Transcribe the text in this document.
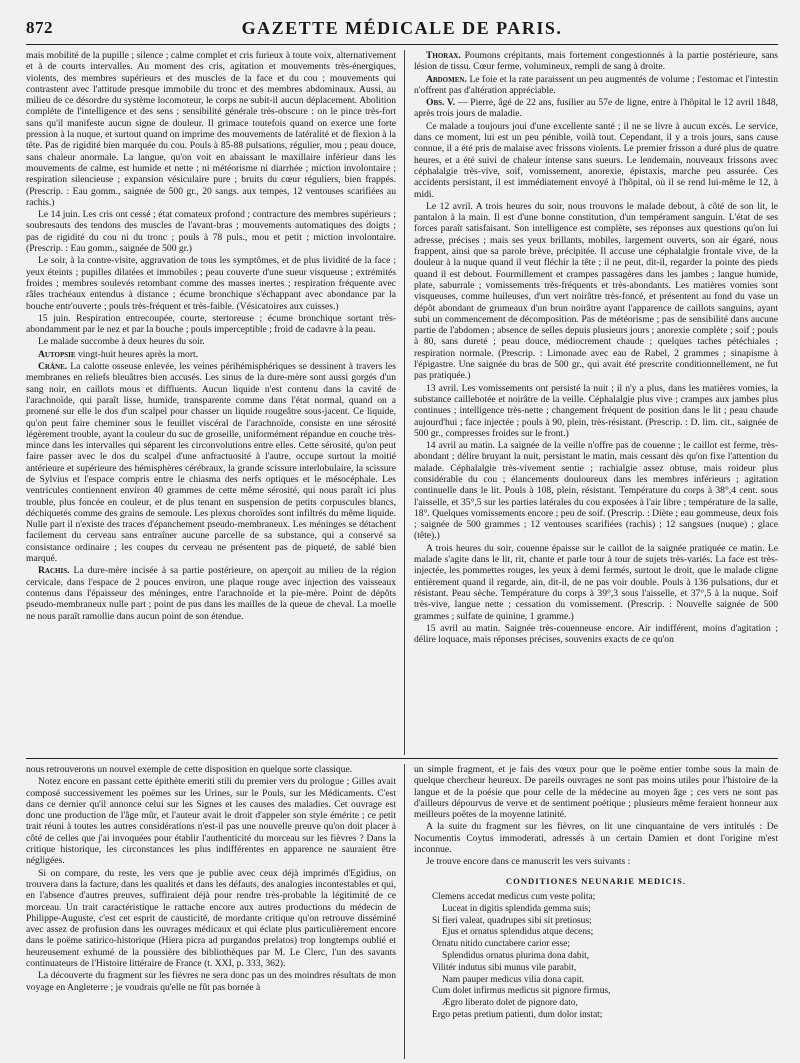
872	GAZETTE MÉDICALE DE PARIS.

mais mobilité de la pupille ; silence ; calme complet et cris furieux à toute voix, alternativement et à de courts intervalles. Au moment des cris, agitation et mouvements très-énergiques, violents, des membres supérieurs et des muscles de la face et du cou ; mouvements qui contrastent avec l'attitude presque immobile du tronc et des membres abdominaux. Aussi, au milieu de ce désordre du système locomoteur, le corps ne subit-il aucun déplacement. Abolition complète de l'intelligence et des sens ; sensibilité générale très-obscure : on le pince très-fort sans qu'il manifeste aucun signe de douleur. Il grimace toutefois quand on exerce une forte pression à la nuque, et surtout quand on imprime des mouvements de latéralité et de flexion à la tête. Pas de rigidité bien marquée du cou. Pouls à 85-88 pulsations, régulier, mou ; peau douce, sans chaleur anormale. La langue, qu'on voit en abaissant le maxillaire inférieur dans les mouvements de calme, est humide et nette ; ni météorisme ni diarrhée ; miction involontaire ; respiration silencieuse ; expansion vésiculaire pure ; bruits du cœur réguliers, bien frappés. (Prescrip. : Eau gomm., saignée de 500 gr., 20 sangs. aux tempes, 12 ventouses scarifiées au rachis.)

Le 14 juin. Les cris ont cessé ; état comateux profond ; contracture des membres supérieurs ; soubresauts des tendons des muscles de l'avant-bras ; mouvements automatiques des doigts ; pas de rigidité du cou ni du tronc ; pouls à 78 puls., mou et petit ; miction involontaire. (Prescrip. : Eau gomm., saignée de 500 gr.)

Le soir, à la contre-visite, aggravation de tous les symptômes, et de plus lividité de la face ; yeux éteints ; pupilles dilatées et immobiles ; peau couverte d'une sueur visqueuse ; extrémités froides ; membres soulevés retombant comme des masses inertes ; respiration fréquente avec râles trachéaux entendus à distance ; écume bronchique s'échappant avec abondance par la bouche entr'ouverte ; pouls très-fréquent et très-faible. (Vésicatoires aux cuisses.)

15 juin. Respiration entrecoupée, courte, stertoreuse ; écume bronchique sortant très-abondamment par le nez et par la bouche ; pouls imperceptible ; froid de cadavre à la peau.

Le malade succombe à deux heures du soir.

Autopsie vingt-huit heures après la mort.

Crâne. La calotte osseuse enlevée, les veines périhémisphériques se dessinent à travers les membranes en reliefs bleuâtres bien accusés. Les sinus de la dure-mère sont aussi gorgés d'un sang noir, en caillots mous et diffluents. Aucun liquide n'est contenu dans la cavité de l'arachnoïde, qui paraît lisse, humide, transparente comme dans l'état normal, quand on a promené sur elle le dos d'un scalpel pour chasser un liquide rougeâtre sous-jacent. Ce liquide, qu'on peut faire cheminer sous le feuillet viscéral de l'arachnoïde, consiste en une sérosité légèrement trouble, ayant la couleur du suc de groseille, uniformément répandue en couche très-mince dans les intervalles qui séparent les circonvolutions entre elles. Cette sérosité, qu'on peut faire passer avec le dos du scalpel d'une anfractuosité à l'autre, occupe surtout la moitié antérieure et supérieure des hémisphères cérébraux, la grande scissure interlobulaire, la scissure de Sylvius et l'espace compris entre le chiasma des nerfs optiques et le mésocéphale. Les ventricules contiennent environ 40 grammes de cette même sérosité, qui nous paraît ici plus trouble, plus foncée en couleur, et de plus tenant en suspension de petits corpuscules blancs, déchiquetés comme des grains de semoule. Les plexus choroïdes sont infiltrés du même liquide. Nulle part il n'existe des traces d'épanchement pseudo-membraneux. Les méninges se détachent facilement du cerveau sans entraîner aucune parcelle de sa substance, qui a conservé sa consistance ordinaire ; les coupes du cerveau ne présentent pas de piqueté, de sablé bien marqué.

Rachis. La dure-mère incisée à sa partie postérieure, on aperçoit au milieu de la région cervicale, dans l'espace de 2 pouces environ, une plaque rouge avec injection des vaisseaux contenus dans l'épaisseur des méninges, entre l'arachnoïde et la pie-mère. Point de dépôts pseudo-membraneux nulle part ; point de pus dans les mailles de la queue de cheval. La moelle ne nous paraît ramollie dans aucun point de son étendue.

Thorax. Poumons crépitants, mais fortement congestionnés à la partie postérieure, sans lésion de tissu. Cœur ferme, volumineux, rempli de sang à droite.

Abdomen. Le foie et la rate paraissent un peu augmentés de volume ; l'estomac et l'intestin n'offrent pas d'altération appréciable.

Obs. V. — Pierre, âgé de 22 ans, fusilier au 57e de ligne, entre à l'hôpital le 12 avril 1848, après trois jours de maladie.

Ce malade a toujours joui d'une excellente santé ; il ne se livre à aucun excès. Le service, dans ce moment, lui est un peu pénible, voilà tout. Cependant, il y a trois jours, sans cause connue, il a été pris de malaise avec frissons violents. Le premier frisson a duré plus de quatre heures, et a été suivi de chaleur intense sans sueurs. Le lendemain, nouveaux frissons avec céphalalgie très-vive, soif, vomissement, anorexie, épistaxis, marche peu assurée. Ces accidents persistant, il est immédiatement envoyé à l'hôpital, où il se rend lui-même le 12, à midi.

Le 12 avril. A trois heures du soir, nous trouvons le malade debout, à côté de son lit, le pantalon à la main. Il est d'une bonne constitution, d'un tempérament sanguin. L'état de ses forces paraît satisfaisant. Son intelligence est complète, ses réponses aux questions qu'on lui adresse, précises ; mais ses yeux brillants, mobiles, largement ouverts, son air égaré, nous frappent, ainsi que sa parole brève, précipitée. Il accuse une céphalalgie frontale vive, de la douleur à la nuque quand il veut fléchir la tête ; il ne peut, dit-il, regarder la pointe des pieds quand il est debout. Fourmillement et crampes passagères dans les jambes ; langue humide, plate, saburrale ; vomissements très-fréquents et très-abondants. Les matières vomies sont visqueuses, comme huileuses, d'un vert noirâtre très-foncé, et présentent au fond du vase un dépôt abondant de grumeaux d'un brun noirâtre ayant l'apparence de caillots sanguins, ayant subi un commencement de décomposition. Pas de météorisme ; pas de sensibilité dans aucune partie de l'abdomen ; absence de selles depuis plusieurs jours ; anorexie complète ; soif ; pouls à 80, sans dureté ; peau douce, médiocrement chaude ; quelques taches pétéchiales ; respiration normale. (Prescrip. : Limonade avec eau de Rabel, 2 grammes ; sinapisme à l'épigastre. Une saignée du bras de 500 gr., qui avait été prescrite conditionnellement, ne fut pas pratiquée.)

13 avril. Les vomissements ont persisté la nuit ; il n'y a plus, dans les matières vomies, la substance caillebotée et noirâtre de la veille. Céphalalgie plus vive ; crampes aux jambes plus continues ; intelligence très-nette ; changement fréquent de position dans le lit ; peau chaude aujourd'hui ; face injectée ; pouls à 90, plein, très-résistant. (Prescrip. : D. lim. cit., saignée de 500 gr., compresses froides sur le front.)

14 avril au matin. La saignée de la veille n'offre pas de couenne ; le caillot est ferme, très-abondant ; délire bruyant la nuit, persistant le matin, mais cessant dès qu'on fixe l'attention du malade. Céphalalgie très-vivement sentie ; rachialgie assez obtuse, mais roideur plus considérable du cou ; élancements douloureux dans les membres inférieurs ; agitation continuelle dans le lit. Pouls à 108, plein, résistant. Température du corps à 38°,4 cent. sous l'aisselle, et 35°,5 sur les parties latérales du cou exposées à l'air libre ; température de la salle, 18°. Quelques vomissements encore ; peu de soif. (Prescrip. : Diète ; eau gommeuse, deux fois ; saignée de 500 grammes ; 12 ventouses scarifiées (rachis) ; 12 sangsues (nuque) ; glace (tête).)

A trois heures du soir, couenne épaisse sur le caillot de la saignée pratiquée ce matin. Le malade s'agite dans le lit, rit, chante et parle tour à tour de sujets très-variés. La face est très-injectée, les pommettes rouges, les yeux à demi fermés, surtout le droit, que le malade cligne entièrement quand il regarde, ain, dit-il, de ne pas voir double. Pouls à 136 pulsations, dur et résistant. Peau sèche. Température du corps à 39°,3 sous l'aisselle, et 37°,5 à la nuque. Soif très-vive, langue nette ; cessation du vomissement. (Prescrip. : Nouvelle saignée de 500 grammes ; sulfate de quinine, 1 gramme.)

15 avril au matin. Saignée très-couenneuse encore. Air indifférent, moins d'agitation ; délire loquace, mais réponses précises, souvenirs exacts de ce qu'on

nous retrouverons un nouvel exemple de cette disposition en quelque sorte classique.

Notez encore en passant cette épithète emeriti stili du premier vers du prologue ; Gilles avait composé successivement les poëmes sur les Urines, sur le Pouls, sur les Médicaments. C'est dans ce dernier qu'il annonce celui sur les Signes et les causes des maladies. Cet ouvrage est donc une production de l'âge mûr, et l'auteur avait le droit d'appeler son style émérite ; ce petit trait réuni à toutes les autres considérations n'est-il pas une nouvelle preuve qu'on doit placer à côté de celles que j'ai invoquées pour établir l'authenticité du morceau sur les fièvres ? Dans la critique historique, les circonstances les plus indifférentes en apparence ne sauraient être négligées.

Si on compare, du reste, les vers que je publie avec ceux déjà imprimés d'Egidius, on trouvera dans la facture, dans les qualités et dans les défauts, des analogies incontestables et qui, en l'absence d'autres preuves, suffiraient déjà pour rendre très-probable la légitimité de ce morceau. Un trait caractéristique le rattache encore aux autres productions du médecin de Philippe-Auguste, c'est cet esprit de causticité, de mordante critique qu'on retrouve disséminé avec assez de profusion dans les ouvrages médicaux et qui éclate plus particulièrement encore dans le poëme satirico-historique (Hiera picra ad purgandos prelatos) trop longtemps oublié et heureusement exhumé de la poussière des bibliothèques par M. Le Clerc, l'un des savants continuateurs de l'Histoire littéraire de France (t. XXI, p. 333, 362).

La découverte du fragment sur les fièvres ne sera donc pas un des moindres résultats de mon voyage en Angleterre ; je voudrais qu'elle ne fût pas bornée à

un simple fragment, et je fais des vœux pour que le poëme entier tombe sous la main de quelque chercheur heureux. De pareils ouvrages ne sont pas moins utiles pour l'histoire de la langue et de la poésie que pour celle de la médecine au moyen âge ; ces vers ne sont pas d'ailleurs dépourvus de verve et de sentiment poétique ; plusieurs même feraient honneur aux meilleurs poëtes de la moyenne latinité.

A la suite du fragment sur les fièvres, on lit une cinquantaine de vers intitulés : De Nocumentis Coytus immoderati, adressés à un certain Damien et dont l'origine m'est inconnue.

Je trouve encore dans ce manuscrit les vers suivants :

CONDITIONES NEUNARIE MEDICIS.

Clemens accedat medicus cum veste polita;

Luceat in digitis splendida gemma suis;

Si fieri valeat, quadrupes sibi sit pretiosus;

Ejus et ornatus splendidus atque decens;

Ornatu nitido cunctabere carior esse;

Splendidus ornatus plurima dona dabit,

Vilitér indutus sibi munus vile parabit,

Nam pauper medicus vilia dona capit.

Cum dolet infirmus medicus sit pignore firmus,

Ægro liberato dolet de pignore dato,

Ergo petas pretium patienti, dum dolor instat;
